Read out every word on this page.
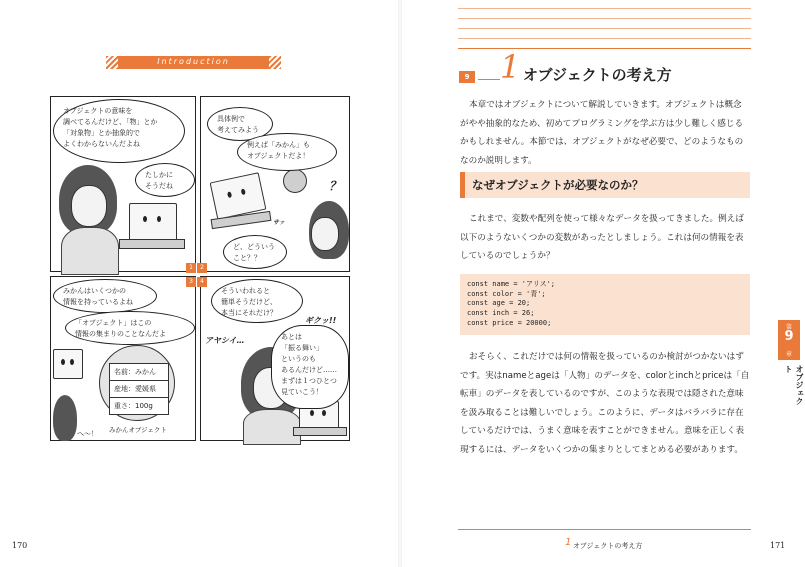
Introduction
オブジェクトの意味を
調べてるんだけど、「物」とか
「対象物」とか抽象的で
よくわからないんだよね
たしかに
そうだね
具体例で
考えてみよう
例えば「みかん」も
オブジェクトだよ！
？
サッ
ど、どういう
こと？？
1	2
3	4
みかんはいくつかの
情報を持っているよね
「オブジェクト」はこの
情報の集まりのことなんだよ
名前：みかん
産地：愛媛県
重さ：100g
みかんオブジェクト
へ～！
そういわれると
簡単そうだけど、
本当にそれだけ？
ギクッ!!
アヤシイ…	あとは
「振る舞い」
というのも
あるんだけど……
まずは１つひとつ
見ていこう！
170
9 1 オブジェクトの考え方

本章ではオブジェクトについて解説していきます。オブジェクトは概念がやや抽象的なため、初めてプログラミングを学ぶ方は少し難しく感じるかもしれません。本節では、オブジェクトがなぜ必要で、どのようなものなのか説明します。

なぜオブジェクトが必要なのか？

これまで、変数や配列を使って様々なデータを扱ってきました。例えば以下のようないくつかの変数があったとしましょう。これは何の情報を表しているのでしょうか？

const name = 'アリス';
const color = '青';
const age = 20;
const inch = 26;
const price = 20000;

おそらく、これだけでは何の情報を扱っているのか検討がつかないはずです。実はnameとageは「人物」のデータを、colorとinchとpriceは「自転車」のデータを表しているのですが、このような表現では隠された意味を汲み取ることは難しいでしょう。このように、データはバラバラに存在しているだけでは、うまく意味を表すことができません。意味を正しく表現するには、データをいくつかの集まりとしてまとめる必要があります。

第
9
章
オブジェクト
1 オブジェクトの考え方	171
